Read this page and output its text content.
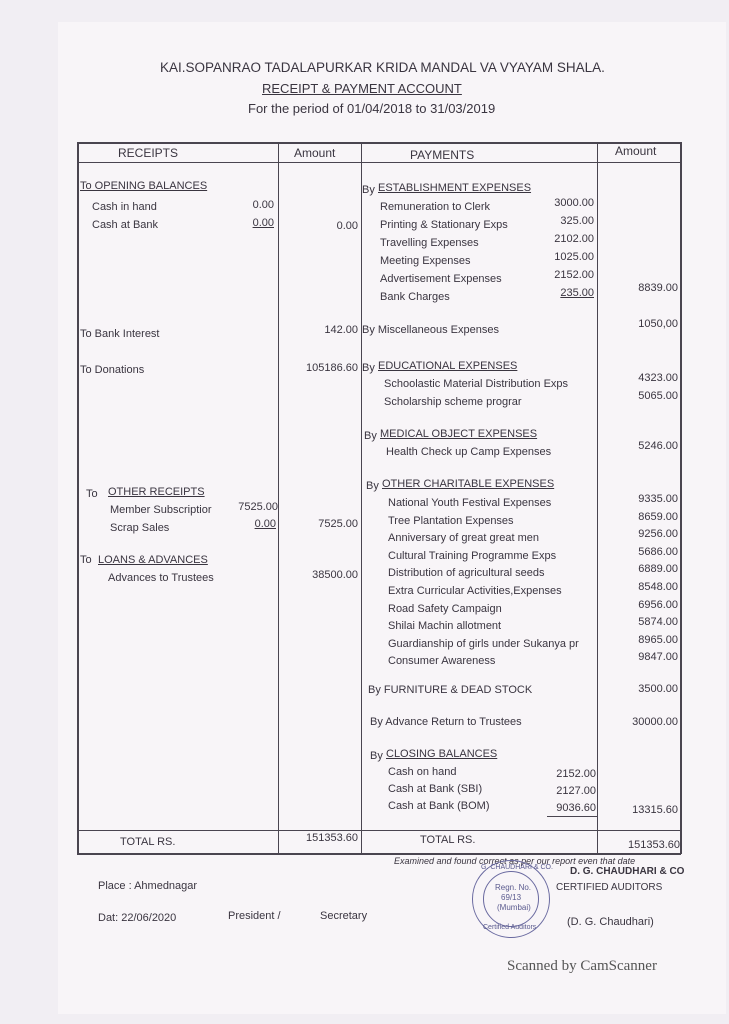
KAI.SOPANRAO TADALAPURKAR KRIDA MANDAL VA VYAYAM SHALA.
RECEIPT & PAYMENT ACCOUNT
For the period of 01/04/2018 to 31/03/2019
RECEIPTS	Amount	PAYMENTS	Amount
To OPENING BALANCES
Cash in hand	0.00
Cash at Bank	0.00	0.00
To Bank Interest	142.00
To Donations	105186.60
To OTHER RECEIPTS
Member Subscriptior	7525.00
Scrap Sales	0.00	7525.00
To LOANS & ADVANCES
Advances to Trustees	38500.00
By ESTABLISHMENT EXPENSES
Remuneration to Clerk	3000.00
Printing & Stationary Exps	325.00
Travelling Expenses	2102.00
Meeting Expenses	1025.00
Advertisement Expenses	2152.00
Bank Charges	235.00	8839.00
By Miscellaneous Expenses	1050,00
By EDUCATIONAL EXPENSES
Schoolastic Material Distribution Exps	4323.00
Scholarship scheme prograr	5065.00
By MEDICAL OBJECT EXPENSES
Health Check up Camp Expenses	5246.00
By OTHER CHARITABLE EXPENSES
National Youth Festival Expenses	9335.00
Tree Plantation Expenses	8659.00
Anniversary of great great men	9256.00
Cultural Training Programme Exps	5686.00
Distribution of agricultural seeds	6889.00
Extra Curricular Activities,Expenses	8548.00
Road Safety Campaign	6956.00
Shilai Machin allotment	5874.00
Guardianship of girls under Sukanya pr	8965.00
Consumer Awareness	9847.00
By FURNITURE & DEAD STOCK	3500.00
By Advance Return to Trustees	30000.00
By CLOSING BALANCES
Cash on hand	2152.00
Cash at Bank (SBI)	2127.00
Cash at Bank (BOM)	9036.60	13315.60
TOTAL RS.	151353.60	TOTAL RS.	151353.60
Examined and found correct as per our report even that date
D. G. CHAUDHARI & CO
CERTIFIED AUDITORS
Place : Ahmednagar
Dat: 22/06/2020	President /	Secretary	(D. G. Chaudhari)
G. CHAUDHARI & CO.
Regn. No.
69/13
(Mumbai)
Certified Auditors
Scanned by CamScanner
